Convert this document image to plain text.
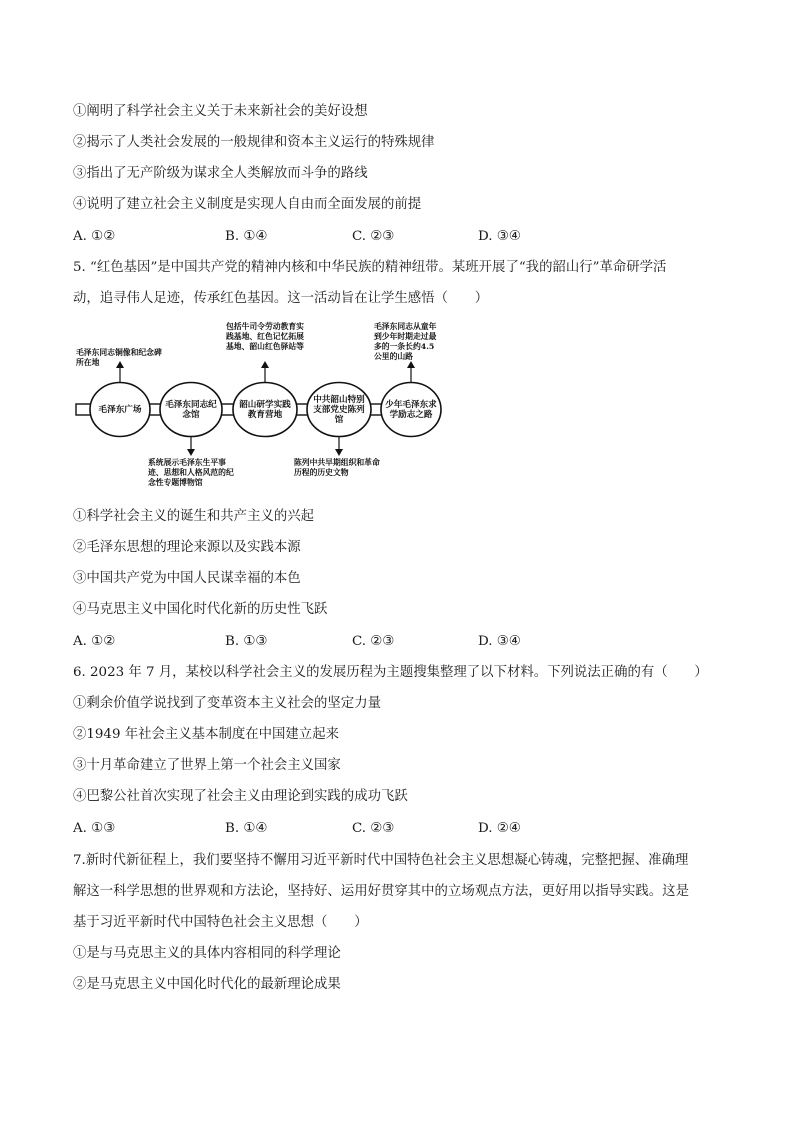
①阐明了科学社会主义关于未来新社会的美好设想
②揭示了人类社会发展的一般规律和资本主义运行的特殊规律
③指出了无产阶级为谋求全人类解放而斗争的路线
④说明了建立社会主义制度是实现人自由而全面发展的前提
A. ①②	B. ①④	C. ②③	D. ③④
5. “红色基因”是中国共产党的精神内核和中华民族的精神纽带。某班开展了“我的韶山行”革命研学活
动，追寻伟人足迹，传承红色基因。这一活动旨在让学生感悟（　　）
毛泽东广场	毛泽东同志纪念馆
韶山研学实践教育营地
中共韶山特别支部党史陈列馆
少年毛泽东求学励志之路
毛泽东同志铜像和纪念碑所在地
包括牛司令劳动教育实践基地、红色记忆拓展基地、韶山红色驿站等
毛泽东同志从童年到少年时期走过最多的一条长约4.5公里的山路
系统展示毛泽东生平事迹、思想和人格风范的纪念性专题博物馆
陈列中共早期组织和革命历程的历史文物
①科学社会主义的诞生和共产主义的兴起
②毛泽东思想的理论来源以及实践本源
③中国共产党为中国人民谋幸福的本色
④马克思主义中国化时代化新的历史性飞跃
A. ①②	B. ①③	C. ②③	D. ③④
6. 2023 年 7 月，某校以科学社会主义的发展历程为主题搜集整理了以下材料。下列说法正确的有（　　）
①剩余价值学说找到了变革资本主义社会的坚定力量
②1949 年社会主义基本制度在中国建立起来
③十月革命建立了世界上第一个社会主义国家
④巴黎公社首次实现了社会主义由理论到实践的成功飞跃
A. ①③	B. ①④	C. ②③	D. ②④
7.新时代新征程上，我们要坚持不懈用习近平新时代中国特色社会主义思想凝心铸魂，完整把握、准确理
解这一科学思想的世界观和方法论，坚持好、运用好贯穿其中的立场观点方法，更好用以指导实践。这是
基于习近平新时代中国特色社会主义思想（　　）
①是与马克思主义的具体内容相同的科学理论
②是马克思主义中国化时代化的最新理论成果
